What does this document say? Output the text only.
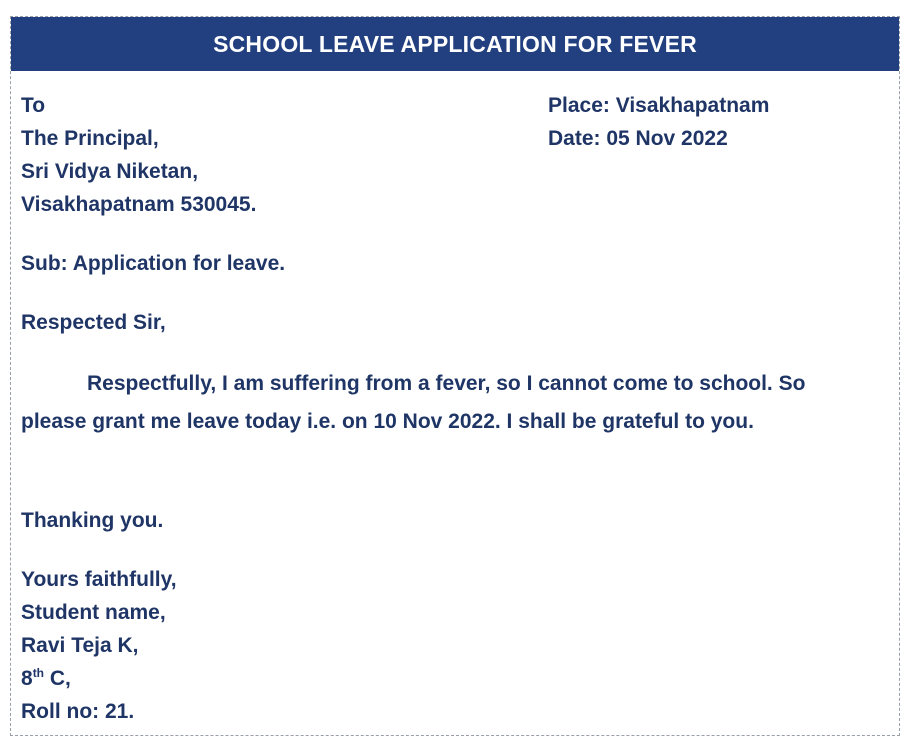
SCHOOL LEAVE APPLICATION FOR FEVER
To
The Principal,
Sri Vidya Niketan,
Visakhapatnam 530045.
Place: Visakhapatnam
Date: 05 Nov 2022
Sub: Application for leave.
Respected Sir,
Respectfully, I am suffering from a fever, so I cannot come to school. So please grant me leave today i.e. on 10 Nov 2022. I shall be grateful to you.
Thanking you.
Yours faithfully,
Student name,
Ravi Teja K,
8th C,
Roll no: 21.
